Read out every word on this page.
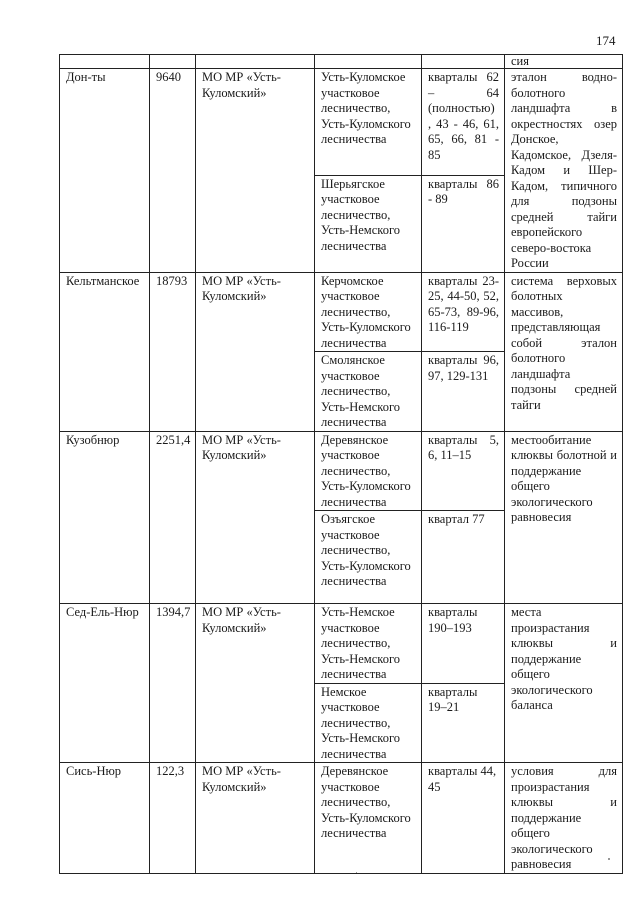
174
					сия
Дон-ты	9640	МО МР «Усть-Куломский»	Усть-Куломское участковое лесничество, Усть-Куломского лесничества	кварталы 62 – 64 (полностью) , 43 - 46, 61, 65, 66, 81 - 85	эталон водно-болотного ландшафта в окрестностях озер Донское, Кадомское, Дзеля-Кадом и Шер-Кадом, типичного для подзоны средней тайги европейского северо-востока России
			Шерьягское участковое лесничество, Усть-Немского лесничества	кварталы 86 - 89	
Кельтманское	18793	МО МР «Усть-Куломский»	Керчомское участковое лесничество, Усть-Куломского лесничества	кварталы 23-25, 44-50, 52, 65-73, 89-96, 116-119	система верховых болотных массивов, представляющая собой эталон болотного ландшафта подзоны средней тайги
			Смолянское участковое лесничество, Усть-Немского лесничества	кварталы 96, 97, 129-131	
Кузобнюр	2251,4	МО МР «Усть-Куломский»	Деревянское участковое лесничество, Усть-Куломского лесничества	кварталы 5, 6, 11–15	местообитание клюквы болотной и поддержание общего экологического равновесия
			Озъягское участковое лесничество, Усть-Куломского лесничества	квартал 77	
Сед-Ель-Нюр	1394,7	МО МР «Усть-Куломский»	Усть-Немское участковое лесничество, Усть-Немского лесничества	кварталы 190–193	места произрастания клюквы и поддержание общего экологического баланса
			Немское участковое лесничество, Усть-Немского лесничества	кварталы 19–21	
Сись-Нюр	122,3	МО МР «Усть-Куломский»	Деревянское участковое лесничество, Усть-Куломского лесничества	кварталы 44, 45	условия для произрастания клюквы и поддержание общего экологического равновесия
